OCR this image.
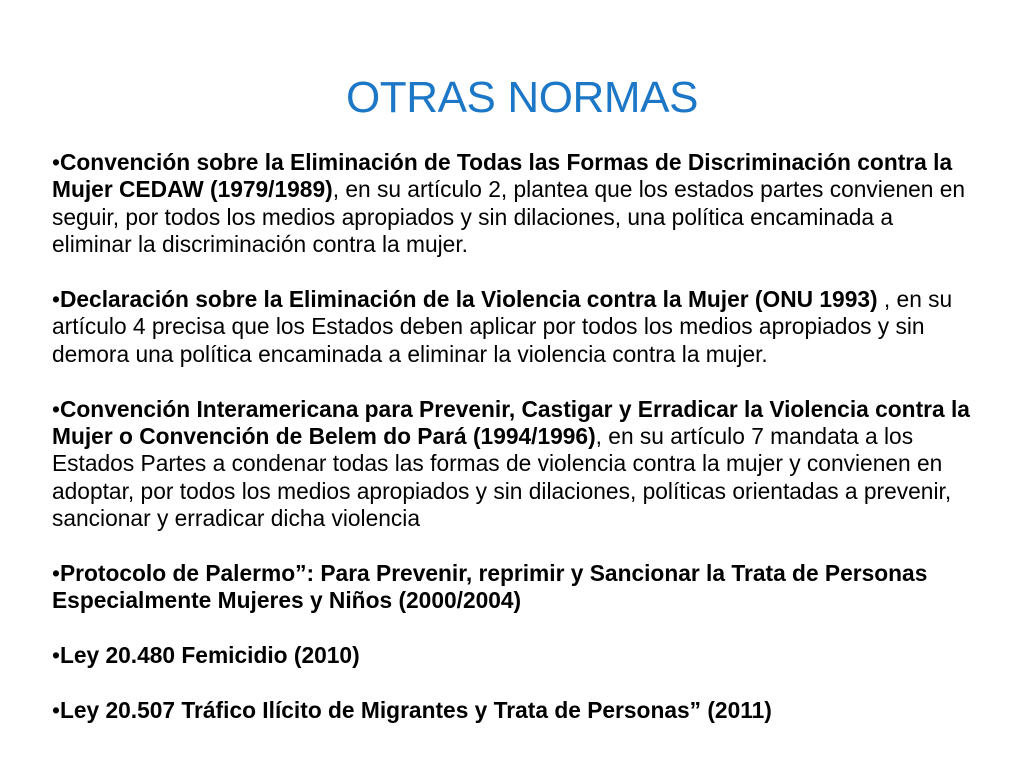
OTRAS NORMAS

•Convención sobre la Eliminación de Todas las Formas de Discriminación contra la
Mujer CEDAW (1979/1989), en su artículo 2, plantea que los estados partes convienen en
seguir, por todos los medios apropiados y sin dilaciones, una política encaminada a
eliminar la discriminación contra la mujer.

•Declaración sobre la Eliminación de la Violencia contra la Mujer (ONU 1993) , en su
artículo 4 precisa que los Estados deben aplicar por todos los medios apropiados y sin
demora una política encaminada a eliminar la violencia contra la mujer.

•Convención Interamericana para Prevenir, Castigar y Erradicar la Violencia contra la
Mujer o Convención de Belem do Pará (1994/1996), en su artículo 7 mandata a los
Estados Partes a condenar todas las formas de violencia contra la mujer y convienen en
adoptar, por todos los medios apropiados y sin dilaciones, políticas orientadas a prevenir,
sancionar y erradicar dicha violencia

•Protocolo de Palermo”: Para Prevenir, reprimir y Sancionar la Trata de Personas
Especialmente Mujeres y Niños (2000/2004)

•Ley 20.480 Femicidio (2010)

•Ley 20.507 Tráfico Ilícito de Migrantes y Trata de Personas” (2011)
